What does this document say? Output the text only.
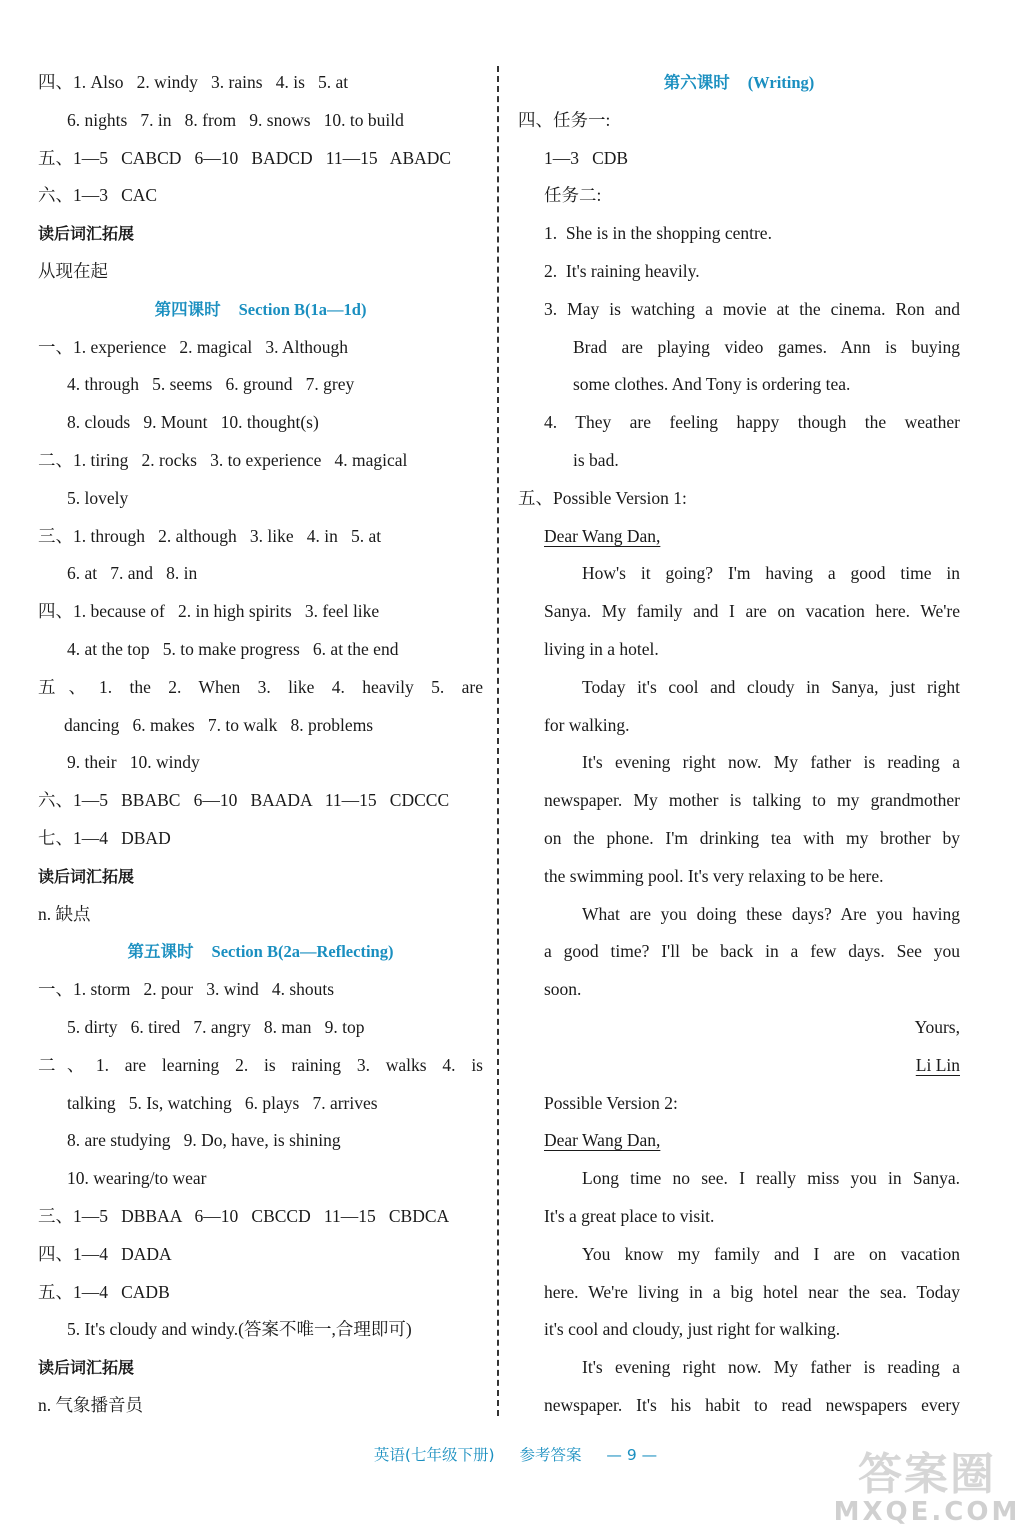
四、1. Also   2. windy   3. rains   4. is   5. at
6. nights   7. in   8. from   9. snows   10. to build
五、1—5   CABCD   6—10   BADCD   11—15   ABADC
六、1—3   CAC
读后词汇拓展
从现在起
第四课时 Section B(1a—1d)
一、1. experience   2. magical   3. Although
4. through   5. seems   6. ground   7. grey
8. clouds   9. Mount   10. thought(s)
二、1. tiring   2. rocks   3. to experience   4. magical
5. lovely
三、1. through   2. although   3. like   4. in   5. at
6. at   7. and   8. in
四、1. because of   2. in high spirits   3. feel like
4. at the top   5. to make progress   6. at the end
五、1. the 2. When 3. like 4. heavily 5. are
dancing   6. makes   7. to walk   8. problems
9. their   10. windy
六、1—5   BBABC   6—10   BAADA   11—15   CDCCC
七、1—4   DBAD
读后词汇拓展
n. 缺点
第五课时 Section B(2a—Reflecting)
一、1. storm   2. pour   3. wind   4. shouts
5. dirty   6. tired   7. angry   8. man   9. top
二、1. are learning 2. is raining 3. walks 4. is
talking   5. Is, watching   6. plays   7. arrives
8. are studying   9. Do, have, is shining
10. wearing/to wear
三、1—5   DBBAA   6—10   CBCCD   11—15   CBDCA
四、1—4   DADA
五、1—4   CADB
5. It's cloudy and windy.(答案不唯一,合理即可)
读后词汇拓展
n. 气象播音员
第六课时 (Writing)
四、任务一:
1—3   CDB
任务二:
1.  She is in the shopping centre.
2.  It's raining heavily.
3. May is watching a movie at the cinema. Ron and
Brad are playing video games. Ann is buying
some clothes. And Tony is ordering tea.
4. They are feeling happy though the weather
is bad.
五、Possible Version 1:
Dear Wang Dan,
How's it going? I'm having a good time in
Sanya. My family and I are on vacation here. We're
living in a hotel.
Today it's cool and cloudy in Sanya, just right
for walking.
It's evening right now. My father is reading a
newspaper. My mother is talking to my grandmother
on the phone. I'm drinking tea with my brother by
the swimming pool. It's very relaxing to be here.
What are you doing these days? Are you having
a good time? I'll be back in a few days. See you
soon.
Yours,
Li Lin
Possible Version 2:
Dear Wang Dan,
Long time no see. I really miss you in Sanya.
It's a great place to visit.
You know my family and I are on vacation
here. We're living in a big hotel near the sea. Today
it's cool and cloudy, just right for walking.
It's evening right now. My father is reading a
newspaper. It's his habit to read newspapers every
英语(七年级下册) 参考答案 — 9 —	答案圈
MXQE.COM
